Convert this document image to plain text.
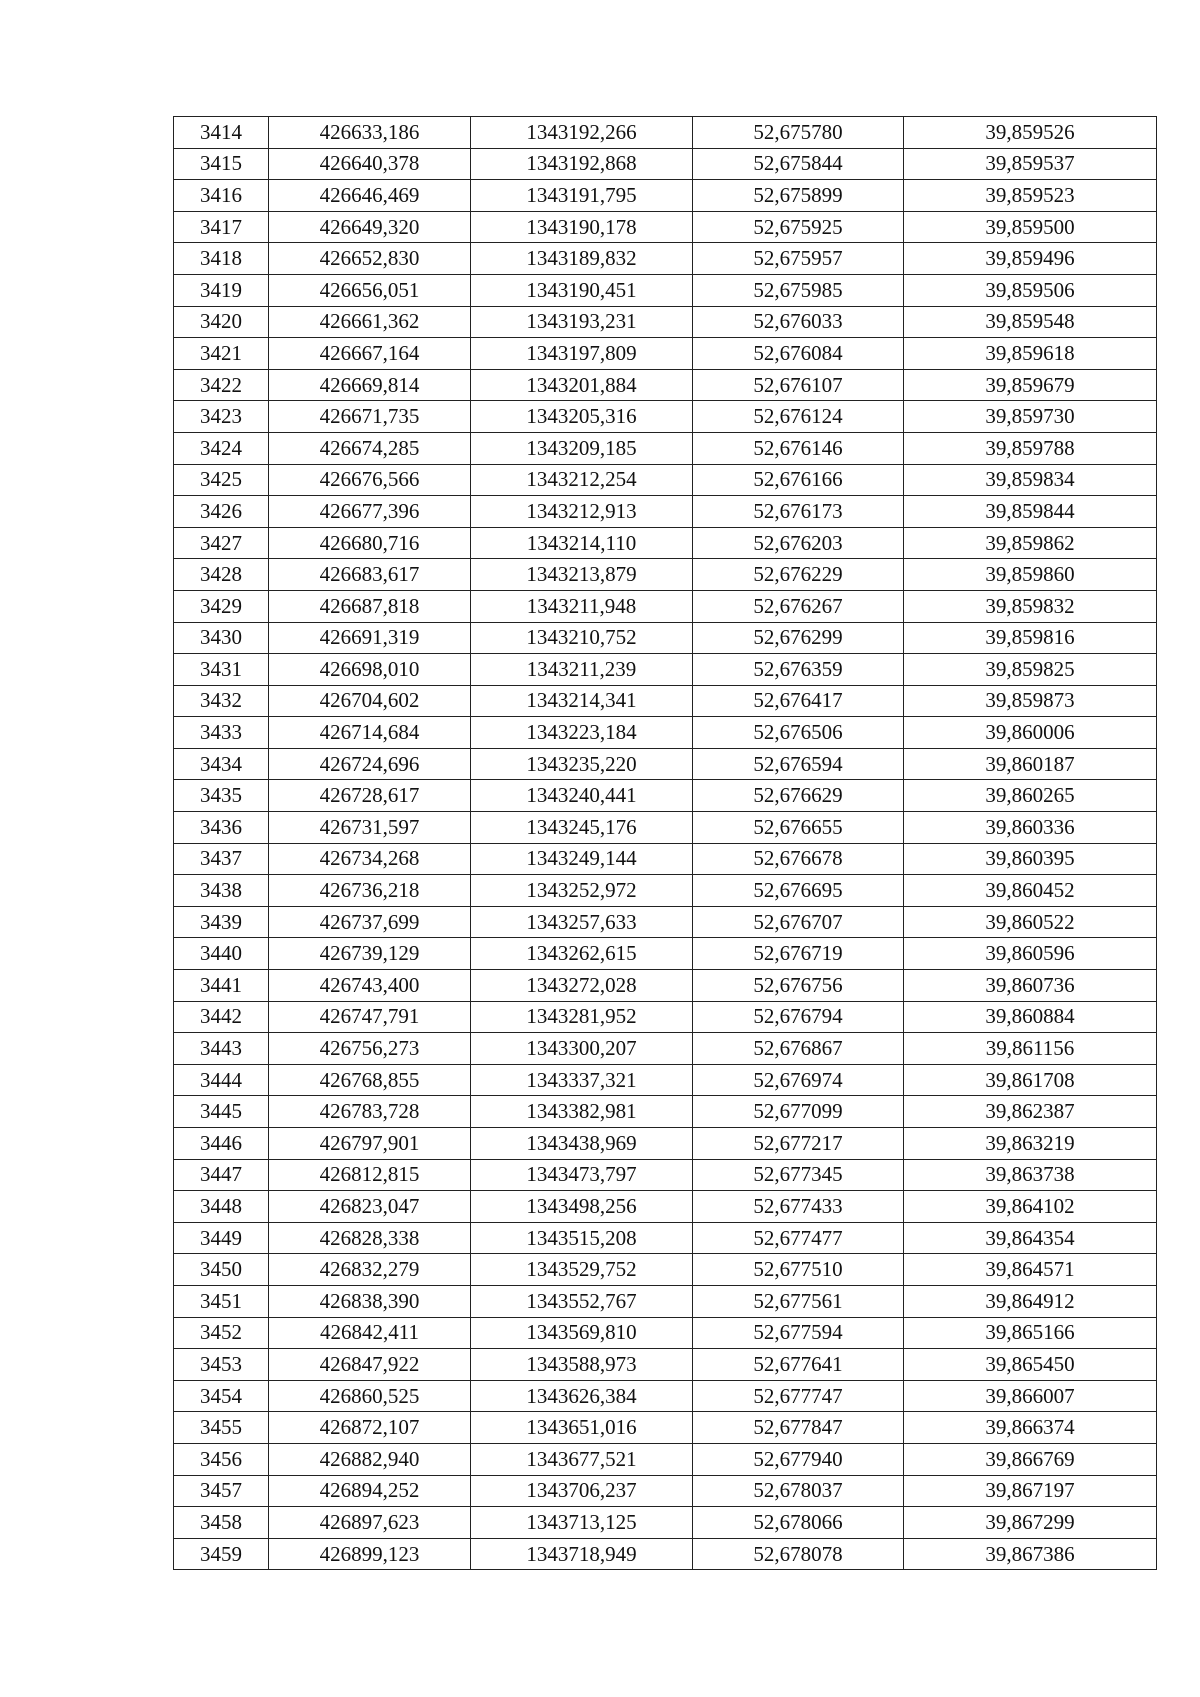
3414	426633,186	1343192,266	52,675780	39,859526
3415	426640,378	1343192,868	52,675844	39,859537
3416	426646,469	1343191,795	52,675899	39,859523
3417	426649,320	1343190,178	52,675925	39,859500
3418	426652,830	1343189,832	52,675957	39,859496
3419	426656,051	1343190,451	52,675985	39,859506
3420	426661,362	1343193,231	52,676033	39,859548
3421	426667,164	1343197,809	52,676084	39,859618
3422	426669,814	1343201,884	52,676107	39,859679
3423	426671,735	1343205,316	52,676124	39,859730
3424	426674,285	1343209,185	52,676146	39,859788
3425	426676,566	1343212,254	52,676166	39,859834
3426	426677,396	1343212,913	52,676173	39,859844
3427	426680,716	1343214,110	52,676203	39,859862
3428	426683,617	1343213,879	52,676229	39,859860
3429	426687,818	1343211,948	52,676267	39,859832
3430	426691,319	1343210,752	52,676299	39,859816
3431	426698,010	1343211,239	52,676359	39,859825
3432	426704,602	1343214,341	52,676417	39,859873
3433	426714,684	1343223,184	52,676506	39,860006
3434	426724,696	1343235,220	52,676594	39,860187
3435	426728,617	1343240,441	52,676629	39,860265
3436	426731,597	1343245,176	52,676655	39,860336
3437	426734,268	1343249,144	52,676678	39,860395
3438	426736,218	1343252,972	52,676695	39,860452
3439	426737,699	1343257,633	52,676707	39,860522
3440	426739,129	1343262,615	52,676719	39,860596
3441	426743,400	1343272,028	52,676756	39,860736
3442	426747,791	1343281,952	52,676794	39,860884
3443	426756,273	1343300,207	52,676867	39,861156
3444	426768,855	1343337,321	52,676974	39,861708
3445	426783,728	1343382,981	52,677099	39,862387
3446	426797,901	1343438,969	52,677217	39,863219
3447	426812,815	1343473,797	52,677345	39,863738
3448	426823,047	1343498,256	52,677433	39,864102
3449	426828,338	1343515,208	52,677477	39,864354
3450	426832,279	1343529,752	52,677510	39,864571
3451	426838,390	1343552,767	52,677561	39,864912
3452	426842,411	1343569,810	52,677594	39,865166
3453	426847,922	1343588,973	52,677641	39,865450
3454	426860,525	1343626,384	52,677747	39,866007
3455	426872,107	1343651,016	52,677847	39,866374
3456	426882,940	1343677,521	52,677940	39,866769
3457	426894,252	1343706,237	52,678037	39,867197
3458	426897,623	1343713,125	52,678066	39,867299
3459	426899,123	1343718,949	52,678078	39,867386
